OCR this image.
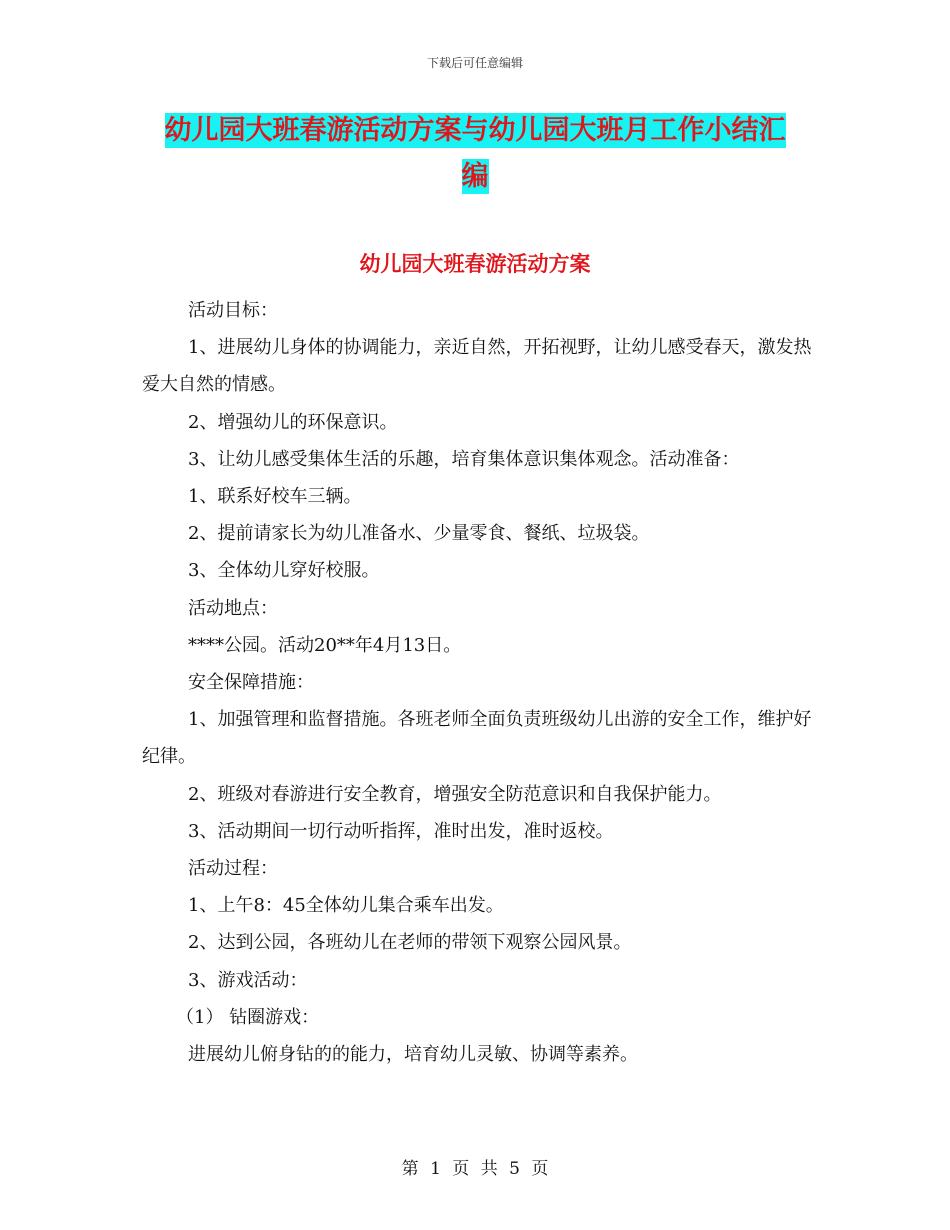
下载后可任意编辑
幼儿园大班春游活动方案与幼儿园大班月工作小结汇
编
幼儿园大班春游活动方案

活动目标：

1、进展幼儿身体的协调能力，亲近自然，开拓视野，让幼儿感受春天，激发热爱大自然的情感。

2、增强幼儿的环保意识。

3、让幼儿感受集体生活的乐趣，培育集体意识集体观念。活动准备：

1、联系好校车三辆。

2、提前请家长为幼儿准备水、少量零食、餐纸、垃圾袋。

3、全体幼儿穿好校服。

活动地点：

****公园。活动20**年4月13日。

安全保障措施：

1、加强管理和监督措施。各班老师全面负责班级幼儿出游的安全工作，维护好纪律。

2、班级对春游进行安全教育，增强安全防范意识和自我保护能力。

3、活动期间一切行动听指挥，准时出发，准时返校。

活动过程：

1、上午8：45全体幼儿集合乘车出发。

2、达到公园，各班幼儿在老师的带领下观察公园风景。

3、游戏活动：

（1） 钻圈游戏：

进展幼儿俯身钻的的能力，培育幼儿灵敏、协调等素养。

第 1 页 共 5 页
